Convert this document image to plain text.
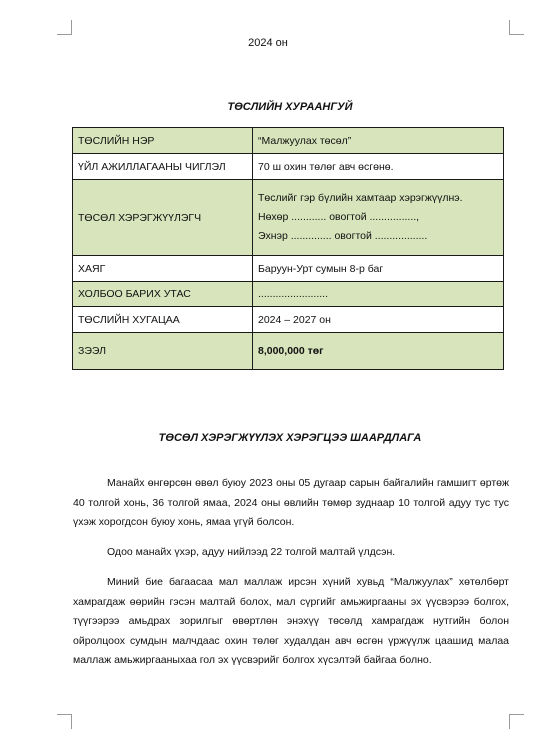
2024 он
ТӨСЛИЙН ХУРААНГУЙ
ТӨСЛИЙН НЭР	“Малжуулах төсөл”
ҮЙЛ АЖИЛЛАГААНЫ ЧИГЛЭЛ	70 ш охин төлөг авч өсгөнө.
ТӨСӨЛ ХЭРЭГЖҮҮЛЭГЧ	Төслийг гэр бүлийн хамтаар хэрэгжүүлнэ.
Нөхөр ............ овогтой ................,
Эхнэр .............. овогтой ..................

ХАЯГ	Баруун-Урт сумын 8-р баг
ХОЛБОО БАРИХ УТАС	........................
ТӨСЛИЙН ХУГАЦАА	2024 – 2027 он
ЗЭЭЛ	8,000,000 төг
ТӨСӨЛ ХЭРЭГЖҮҮЛЭХ ХЭРЭГЦЭЭ ШААРДЛАГА

Манайх өнгөрсөн өвөл буюу 2023 оны 05 дугаар сарын байгалийн гамшигт өртөж 40 толгой хонь, 36 толгой ямаа, 2024 оны өвлийн төмөр зуднаар 10 толгой адуу тус тус үхэж хорогдсон буюу хонь, ямаа үгүй болсон.

Одоо манайх үхэр, адуу нийлээд 22 толгой малтай үлдсэн.

Миний бие багаасаа мал маллаж ирсэн хүний хувьд “Малжуулах” хөтөлбөрт хамрагдаж өөрийн гэсэн малтай болох, мал сүргийг амьжиргааны эх үүсвэрээ болгох, түүгээрээ амьдрах зорилгыг өвөртлөн энэхүү төсөлд хамрагдаж нутгийн болон ойролцоох сумдын малчдаас охин төлөг худалдан авч өсгөн үржүүлж цаашид малаа маллаж амьжиргааныхаа гол эх үүсвэрийг болгох хүсэлтэй байгаа болно.
